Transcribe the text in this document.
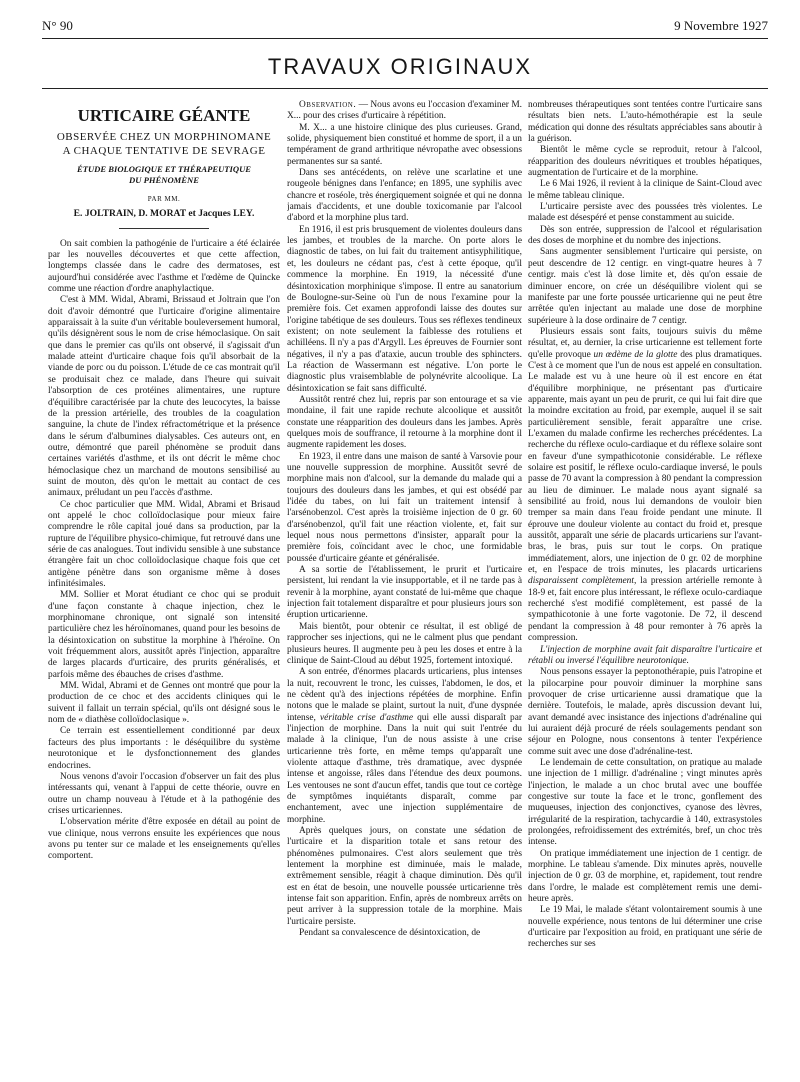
N° 90	9 Novembre 1927
TRAVAUX ORIGINAUX
URTICAIRE GÉANTE
OBSERVÉE CHEZ UN MORPHINOMANE
A CHAQUE TENTATIVE DE SEVRAGE
ÉTUDE BIOLOGIQUE ET THÉRAPEUTIQUE
DU PHÉNOMÈNE
PAR MM.
E. JOLTRAIN, D. MORAT et Jacques LEY.

On sait combien la pathogénie de l'urticaire a été éclairée par les nouvelles découvertes et que cette affection, longtemps classée dans le cadre des dermatoses, est aujourd'hui considérée avec l'asthme et l'œdème de Quincke comme une réaction d'ordre anaphylactique.

C'est à MM. Widal, Abrami, Brissaud et Joltrain que l'on doit d'avoir démontré que l'urticaire d'origine alimentaire apparaissait à la suite d'un véritable bouleversement humoral, qu'ils désignèrent sous le nom de crise hémoclasique. On sait que dans le premier cas qu'ils ont observé, il s'agissait d'un malade atteint d'urticaire chaque fois qu'il absorbait de la viande de porc ou du poisson. L'étude de ce cas montrait qu'il se produisait chez ce malade, dans l'heure qui suivait l'absorption de ces protéines alimentaires, une rupture d'équilibre caractérisée par la chute des leucocytes, la baisse de la pression artérielle, des troubles de la coagulation sanguine, la chute de l'index réfractométrique et la présence dans le sérum d'albumines dialysables. Ces auteurs ont, en outre, démontré que pareil phénomène se produit dans certaines variétés d'asthme, et ils ont décrit le même choc hémoclasique chez un marchand de moutons sensibilisé au suint de mouton, dès qu'on le mettait au contact de ces animaux, préludant un peu l'accès d'asthme.

Ce choc particulier que MM. Widal, Abrami et Brisaud ont appelé le choc colloïdoclasique pour mieux faire comprendre le rôle capital joué dans sa production, par la rupture de l'équilibre physico-chimique, fut retrouvé dans une série de cas analogues. Tout individu sensible à une substance étrangère fait un choc colloïdoclasique chaque fois que cet antigène pénètre dans son organisme même à doses infinitésimales.

MM. Sollier et Morat étudiant ce choc qui se produit d'une façon constante à chaque injection, chez le morphinomane chronique, ont signalé son intensité particulière chez les héroïnomanes, quand pour les besoins de la désintoxication on substitue la morphine à l'héroïne. On voit fréquemment alors, aussitôt après l'injection, apparaître de larges placards d'urticaire, des prurits généralisés, et parfois même des ébauches de crises d'asthme.

MM. Widal, Abrami et de Gennes ont montré que pour la production de ce choc et des accidents cliniques qui le suivent il fallait un terrain spécial, qu'ils ont désigné sous le nom de « diathèse colloïdoclasique ».

Ce terrain est essentiellement conditionné par deux facteurs des plus importants : le déséquilibre du système neurotonique et le dysfonctionnement des glandes endocrines.

Nous venons d'avoir l'occasion d'observer un fait des plus intéressants qui, venant à l'appui de cette théorie, ouvre en outre un champ nouveau à l'étude et à la pathogénie des crises urticariennes.

L'observation mérite d'être exposée en détail au point de vue clinique, nous verrons ensuite les expériences que nous avons pu tenter sur ce malade et les enseignements qu'elles comportent.

Observation. — Nous avons eu l'occasion d'examiner M. X... pour des crises d'urticaire à répétition.

M. X... a une histoire clinique des plus curieuses. Grand, solide, physiquement bien constitué et homme de sport, il a un tempérament de grand arthritique névropathe avec obsessions permanentes sur sa santé.

Dans ses antécédents, on relève une scarlatine et une rougeole bénignes dans l'enfance; en 1895, une syphilis avec chancre et roséole, très énergiquement soignée et qui ne donna jamais d'accidents, et une double toxicomanie par l'alcool d'abord et la morphine plus tard.

En 1916, il est pris brusquement de violentes douleurs dans les jambes, et troubles de la marche. On porte alors le diagnostic de tabes, on lui fait du traitement antisyphilitique, et, les douleurs ne cédant pas, c'est à cette époque, qu'il commence la morphine. En 1919, la nécessité d'une désintoxication morphinique s'impose. Il entre au sanatorium de Boulogne-sur-Seine où l'un de nous l'examine pour la première fois. Cet examen approfondi laisse des doutes sur l'origine tabétique de ses douleurs. Tous ses réflexes tendineux existent; on note seulement la faiblesse des rotuliens et achilléens. Il n'y a pas d'Argyll. Les épreuves de Fournier sont négatives, il n'y a pas d'ataxie, aucun trouble des sphincters. La réaction de Wassermann est négative. L'on porte le diagnostic plus vraisemblable de polynévrite alcoolique. La désintoxication se fait sans difficulté.

Aussitôt rentré chez lui, repris par son entourage et sa vie mondaine, il fait une rapide rechute alcoolique et aussitôt constate une réapparition des douleurs dans les jambes. Après quelques mois de souffrance, il retourne à la morphine dont il augmente rapidement les doses.

En 1923, il entre dans une maison de santé à Varsovie pour une nouvelle suppression de morphine. Aussitôt sevré de morphine mais non d'alcool, sur la demande du malade qui a toujours des douleurs dans les jambes, et qui est obsédé par l'idée du tabes, on lui fait un traitement intensif à l'arsénobenzol. C'est après la troisième injection de 0 gr. 60 d'arsénobenzol, qu'il fait une réaction violente, et, fait sur lequel nous nous permettons d'insister, apparaît pour la première fois, coïncidant avec le choc, une formidable poussée d'urticaire géante et généralisée.

A sa sortie de l'établissement, le prurit et l'urticaire persistent, lui rendant la vie insupportable, et il ne tarde pas à revenir à la morphine, ayant constaté de lui-même que chaque injection fait totalement disparaître et pour plusieurs jours son éruption urticarienne.

Mais bientôt, pour obtenir ce résultat, il est obligé de rapprocher ses injections, qui ne le calment plus que pendant plusieurs heures. Il augmente peu à peu les doses et entre à la clinique de Saint-Cloud au début 1925, fortement intoxiqué.

A son entrée, d'énormes placards urticariens, plus intenses la nuit, recouvrent le tronc, les cuisses, l'abdomen, le dos, et ne cèdent qu'à des injections répétées de morphine. Enfin notons que le malade se plaint, surtout la nuit, d'une dyspnée intense, véritable crise d'asthme qui elle aussi disparaît par l'injection de morphine. Dans la nuit qui suit l'entrée du malade à la clinique, l'un de nous assiste à une crise urticarienne très forte, en même temps qu'apparaît une violente attaque d'asthme, très dramatique, avec dyspnée intense et angoisse, râles dans l'étendue des deux poumons. Les ventouses ne sont d'aucun effet, tandis que tout ce cortège de symptômes inquiétants disparaît, comme par enchantement, avec une injection supplémentaire de morphine.

Après quelques jours, on constate une sédation de l'urticaire et la disparition totale et sans retour des phénomènes pulmonaires. C'est alors seulement que très lentement la morphine est diminuée, mais le malade, extrêmement sensible, réagit à chaque diminution. Dès qu'il est en état de besoin, une nouvelle poussée urticarienne très intense fait son apparition. Enfin, après de nombreux arrêts on peut arriver à la suppression totale de la morphine. Mais l'urticaire persiste.

Pendant sa convalescence de désintoxication, de

nombreuses thérapeutiques sont tentées contre l'urticaire sans résultats bien nets. L'auto-hémothérapie est la seule médication qui donne des résultats appréciables sans aboutir à la guérison.

Bientôt le même cycle se reproduit, retour à l'alcool, réapparition des douleurs névritiques et troubles hépatiques, augmentation de l'urticaire et de la morphine.

Le 6 Mai 1926, il revient à la clinique de Saint-Cloud avec le même tableau clinique.

L'urticaire persiste avec des poussées très violentes. Le malade est désespéré et pense constamment au suicide.

Dès son entrée, suppression de l'alcool et régularisation des doses de morphine et du nombre des injections.

Sans augmenter sensiblement l'urticaire qui persiste, on peut descendre de 12 centigr. en vingt-quatre heures à 7 centigr. mais c'est là dose limite et, dès qu'on essaie de diminuer encore, on crée un déséquilibre violent qui se manifeste par une forte poussée urticarienne qui ne peut être arrêtée qu'en injectant au malade une dose de morphine supérieure à la dose ordinaire de 7 centigr.

Plusieurs essais sont faits, toujours suivis du même résultat, et, au dernier, la crise urticarienne est tellement forte qu'elle provoque un œdème de la glotte des plus dramatiques. C'est à ce moment que l'un de nous est appelé en consultation. Le malade est vu à une heure où il est encore en état d'équilibre morphinique, ne présentant pas d'urticaire apparente, mais ayant un peu de prurit, ce qui lui fait dire que la moindre excitation au froid, par exemple, auquel il se sait particulièrement sensible, ferait apparaître une crise. L'examen du malade confirme les recherches précédentes. La recherche du réflexe oculo-cardiaque et du réflexe solaire sont en faveur d'une sympathicotonie considérable. Le réflexe solaire est positif, le réflexe oculo-cardiaque inversé, le pouls passe de 70 avant la compression à 80 pendant la compression au lieu de diminuer. Le malade nous ayant signalé sa sensibilité au froid, nous lui demandons de vouloir bien tremper sa main dans l'eau froide pendant une minute. Il éprouve une douleur violente au contact du froid et, presque aussitôt, apparaît une série de placards urticariens sur l'avant-bras, le bras, puis sur tout le corps. On pratique immédiatement, alors, une injection de 0 gr. 02 de morphine et, en l'espace de trois minutes, les placards urticariens disparaissent complètement, la pression artérielle remonte à 18-9 et, fait encore plus intéressant, le réflexe oculo-cardiaque recherché s'est modifié complètement, est passé de la sympathicotonie à une forte vagotonie. De 72, il descend pendant la compression à 48 pour remonter à 76 après la compression.

L'injection de morphine avait fait disparaître l'urticaire et rétabli ou inversé l'équilibre neurotonique.

Nous pensons essayer la peptonothérapie, puis l'atropine et la pilocarpine pour pouvoir diminuer la morphine sans provoquer de crise urticarienne aussi dramatique que la dernière. Toutefois, le malade, après discussion devant lui, avant demandé avec insistance des injections d'adrénaline qui lui auraient déjà procuré de réels soulagements pendant son séjour en Pologne, nous consentons à tenter l'expérience comme suit avec une dose d'adrénaline-test.

Le lendemain de cette consultation, on pratique au malade une injection de 1 milligr. d'adrénaline ; vingt minutes après l'injection, le malade a un choc brutal avec une bouffée congestive sur toute la face et le tronc, gonflement des muqueuses, injection des conjonctives, cyanose des lèvres, irrégularité de la respiration, tachycardie à 140, extrasystoles prolongées, refroidissement des extrémités, bref, un choc très intense.

On pratique immédiatement une injection de 1 centigr. de morphine. Le tableau s'amende. Dix minutes après, nouvelle injection de 0 gr. 03 de morphine, et, rapidement, tout rendre dans l'ordre, le malade est complètement remis une demi-heure après.

Le 19 Mai, le malade s'étant volontairement soumis à une nouvelle expérience, nous tentons de lui déterminer une crise d'urticaire par l'exposition au froid, en pratiquant une série de recherches sur ses
